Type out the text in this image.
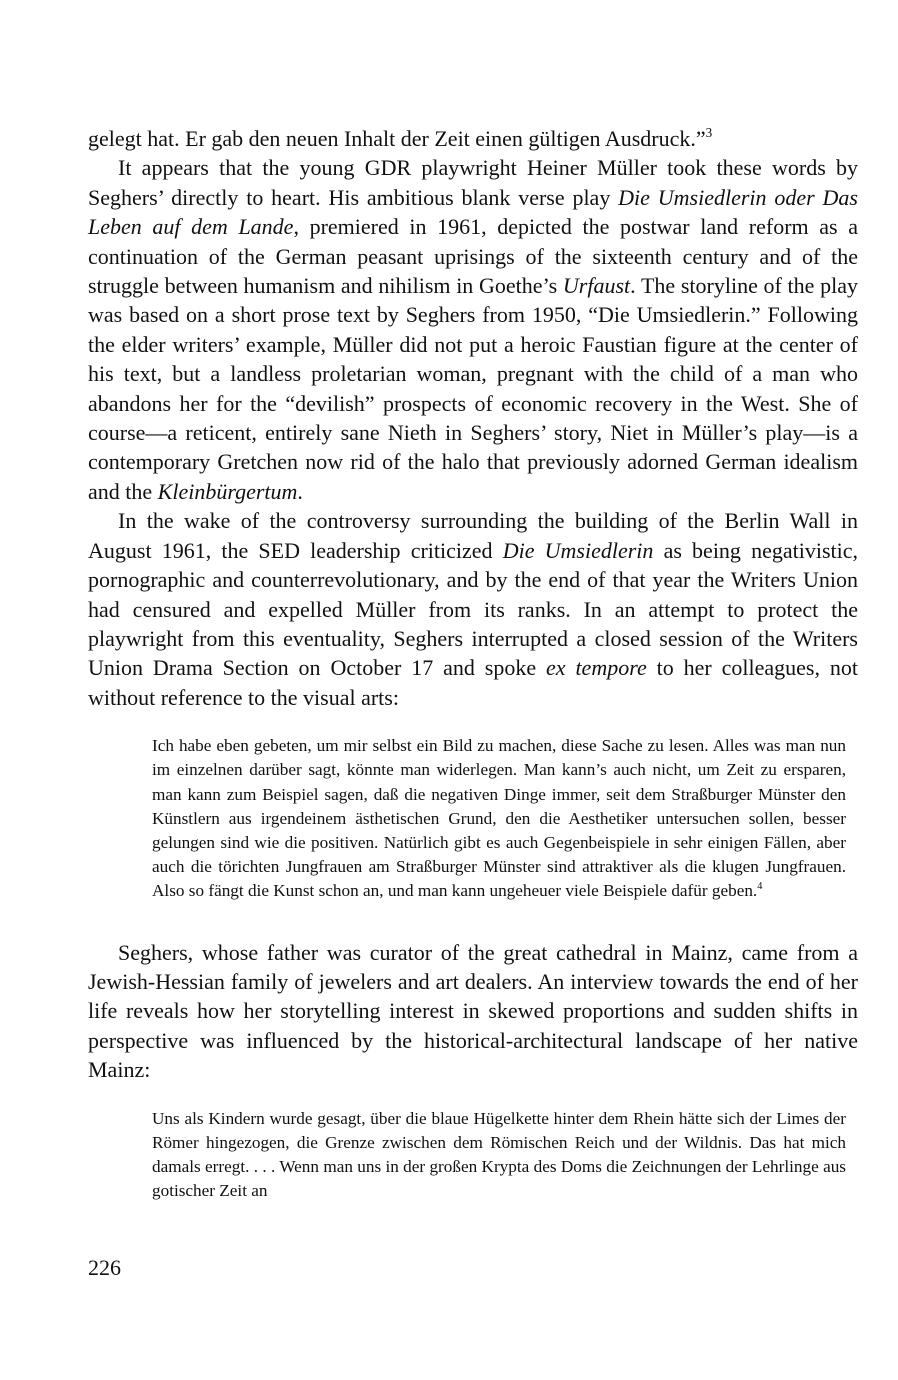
gelegt hat. Er gab den neuen Inhalt der Zeit einen gültigen Ausdruck.”$^3$

It appears that the young GDR playwright Heiner Müller took these words by Seghers’ directly to heart. His ambitious blank verse play Die Umsiedlerin oder Das Leben auf dem Lande, premiered in 1961, depicted the postwar land reform as a continuation of the German peasant uprisings of the sixteenth century and of the struggle between humanism and nihilism in Goethe’s Urfaust. The storyline of the play was based on a short prose text by Seghers from 1950, “Die Umsiedlerin.” Following the elder writers’ example, Müller did not put a heroic Faustian figure at the center of his text, but a landless proletarian woman, pregnant with the child of a man who abandons her for the “devilish” prospects of economic recovery in the West. She of course—a reticent, entirely sane Nieth in Seghers’ story, Niet in Müller’s play—is a contemporary Gretchen now rid of the halo that previously adorned German idealism and the Kleinbürgertum.

In the wake of the controversy surrounding the building of the Berlin Wall in August 1961, the SED leadership criticized Die Umsiedlerin as being negativistic, pornographic and counterrevolutionary, and by the end of that year the Writers Union had censured and expelled Müller from its ranks. In an attempt to protect the playwright from this eventuality, Seghers interrupted a closed session of the Writers Union Drama Section on October 17 and spoke ex tempore to her colleagues, not without reference to the visual arts:

Ich habe eben gebeten, um mir selbst ein Bild zu machen, diese Sache zu lesen. Alles was man nun im einzelnen darüber sagt, könnte man widerlegen. Man kann’s auch nicht, um Zeit zu ersparen, man kann zum Beispiel sagen, daß die negativen Dinge immer, seit dem Straßburger Münster den Künstlern aus irgendeinem ästhetischen Grund, den die Aesthetiker untersuchen sollen, besser gelungen sind wie die positiven. Natürlich gibt es auch Gegenbeispiele in sehr einigen Fällen, aber auch die törichten Jungfrauen am Straßburger Münster sind attraktiver als die klugen Jungfrauen. Also so fängt die Kunst schon an, und man kann ungeheuer viele Beispiele dafür geben.$^4$

Seghers, whose father was curator of the great cathedral in Mainz, came from a Jewish-Hessian family of jewelers and art dealers. An interview towards the end of her life reveals how her storytelling interest in skewed proportions and sudden shifts in perspective was influenced by the historical-architectural landscape of her native Mainz:

Uns als Kindern wurde gesagt, über die blaue Hügelkette hinter dem Rhein hätte sich der Limes der Römer hingezogen, die Grenze zwischen dem Römischen Reich und der Wildnis. Das hat mich damals erregt. . . . Wenn man uns in der großen Krypta des Doms die Zeichnungen der Lehrlinge aus gotischer Zeit an

226
